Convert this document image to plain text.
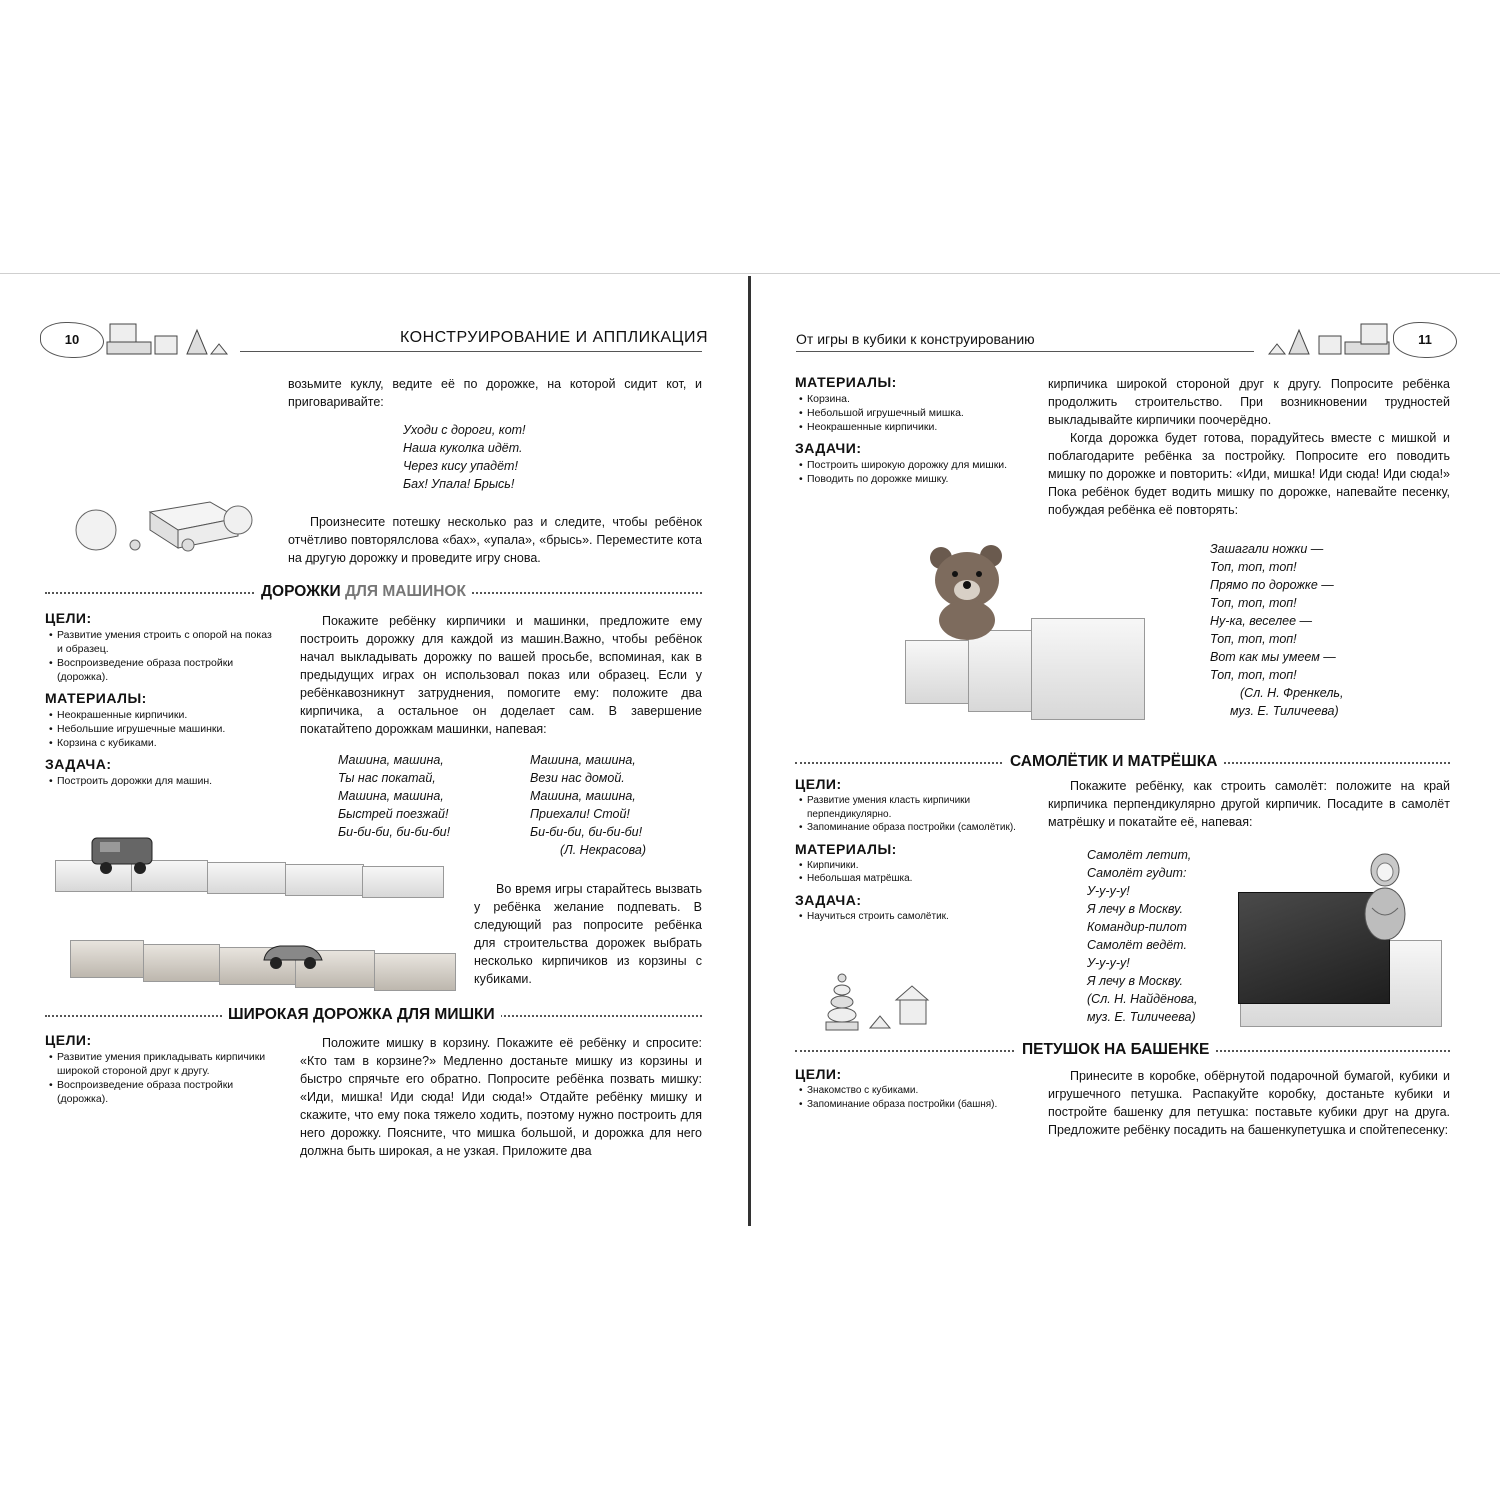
10	КОНСТРУИРОВАНИЕ И АППЛИКАЦИЯ

возьмите куклу, ведите её по дорожке, на которой сидит кот, и приговаривайте:

Уходи с дороги, кот!
Наша куколка идёт.
Через кису упадёт!
Бах! Упала! Брысь!

Произнесите потешку несколько раз и следите, чтобы ребёнок отчётливо повторялслова «бах», «упала», «брысь». Переместите кота на другую дорожку и проведите игру снова.

ДОРОЖКИ ДЛЯ МАШИНОК
ЦЕЛИ:
• Развитие умения строить с опорой на показ и образец.
• Воспроизведение образа постройки (дорожка).
МАТЕРИАЛЫ:
• Неокрашенные кирпичики.
• Небольшие игрушечные машинки.
• Корзина с кубиками.
ЗАДАЧА:
• Построить дорожки для машин.

Покажите ребёнку кирпичики и машинки, предложите ему построить дорожку для каждой из машин.Важно, чтобы ребёнок начал выкладывать дорожку по вашей просьбе, вспоминая, как в предыдущих играх он использовал показ или образец. Если у ребёнкавозникнут затруднения, помогите ему: положите два кирпичика, а остальное он доделает сам. В завершение покатайтепо дорожкам машинки, напевая:

Машина, машина,
Ты нас покатай,
Машина, машина,
Быстрей поезжай!
Би-би-би, би-би-би!
Машина, машина,
Вези нас домой.
Машина, машина,
Приехали! Стой!
Би-би-би, би-би-би!
(Л. Некрасова)

Во время игры старайтесь вызвать у ребёнка желание подпевать. В следующий раз попросите ребёнка для строительства дорожек выбрать несколько кирпичиков из корзины с кубиками.

ШИРОКАЯ ДОРОЖКА ДЛЯ МИШКИ
ЦЕЛИ:
• Развитие умения прикладывать кирпичики широкой стороной друг к другу.
• Воспроизведение образа постройки (дорожка).

Положите мишку в корзину. Покажите её ребёнку и спросите: «Кто там в корзине?» Медленно достаньте мишку из корзины и быстро спрячьте его обратно. Попросите ребёнка позвать мишку: «Иди, мишка! Иди сюда! Иди сюда!» Отдайте ребёнку мишку и скажите, что ему пока тяжело ходить, поэтому нужно построить для него дорожку. Поясните, что мишка большой, и дорожка для него должна быть широкая, а не узкая. Приложите два

От игры в кубики к конструированию	11
МАТЕРИАЛЫ:
• Корзина.
• Небольшой игрушечный мишка.
• Неокрашенные кирпичики.
ЗАДАЧИ:
• Построить широкую дорожку для мишки.
• Поводить по дорожке мишку.

кирпичика широкой стороной друг к другу. Попросите ребёнка продолжить строительство. При возникновении трудностей выкладывайте кирпичики поочерёдно.

Когда дорожка будет готова, порадуйтесь вместе с мишкой и поблагодарите ребёнка за постройку. Попросите его поводить мишку по дорожке и повторить: «Иди, мишка! Иди сюда! Иди сюда!» Пока ребёнок будет водить мишку по дорожке, напевайте песенку, побуждая ребёнка её повторять:

Зашагали ножки —
Топ, топ, топ!
Прямо по дорожке —
Топ, топ, топ!
Ну-ка, веселее —
Топ, топ, топ!
Вот как мы умеем —
Топ, топ, топ!
(Сл. Н. Френкель,
муз. Е. Тиличеева)
САМОЛЁТИК И МАТРЁШКА
ЦЕЛИ:
• Развитие умения класть кирпичики перпендикулярно.
• Запоминание образа постройки (самолётик).
МАТЕРИАЛЫ:
• Кирпичики.
• Небольшая матрёшка.
ЗАДАЧА:
• Научиться строить самолётик.

Покажите ребёнку, как строить самолёт: положите на край кирпичика перпендикулярно другой кирпичик. Посадите в самолёт матрёшку и покатайте её, напевая:

Самолёт летит,
Самолёт гудит:
У-у-у-у!
Я лечу в Москву.
Командир-пилот
Самолёт ведёт.
У-у-у-у!
Я лечу в Москву.
(Сл. Н. Найдёнова,
муз. Е. Тиличеева)
ПЕТУШОК НА БАШЕНКЕ
ЦЕЛИ:
• Знакомство с кубиками.
• Запоминание образа постройки (башня).

Принесите в коробке, обёрнутой подарочной бумагой, кубики и игрушечного петушка. Распакуйте коробку, достаньте кубики и постройте башенку для петушка: поставьте кубики друг на друга. Предложите ребёнку посадить на башенкупетушка и спойтепесенку:
